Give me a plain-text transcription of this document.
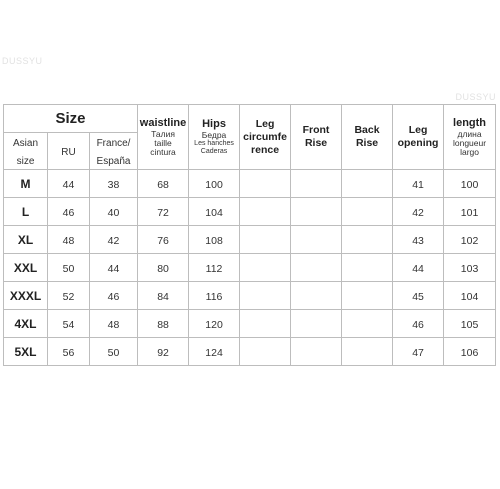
DUSSYU
DUSSYU
Size			waistline
Талия
taille
cintura	Hips
Бедра
Les hanches
Caderas	Leg circumfe rence	Front Rise	Back Rise	Leg opening	length
длина
longueur
largo

Asian size	RU	France/ España							
M	44	38	68	100				41	100
L	46	40	72	104				42	101
XL	48	42	76	108				43	102
XXL	50	44	80	112				44	103
XXXL	52	46	84	116				45	104
4XL	54	48	88	120				46	105
5XL	56	50	92	124				47	106
